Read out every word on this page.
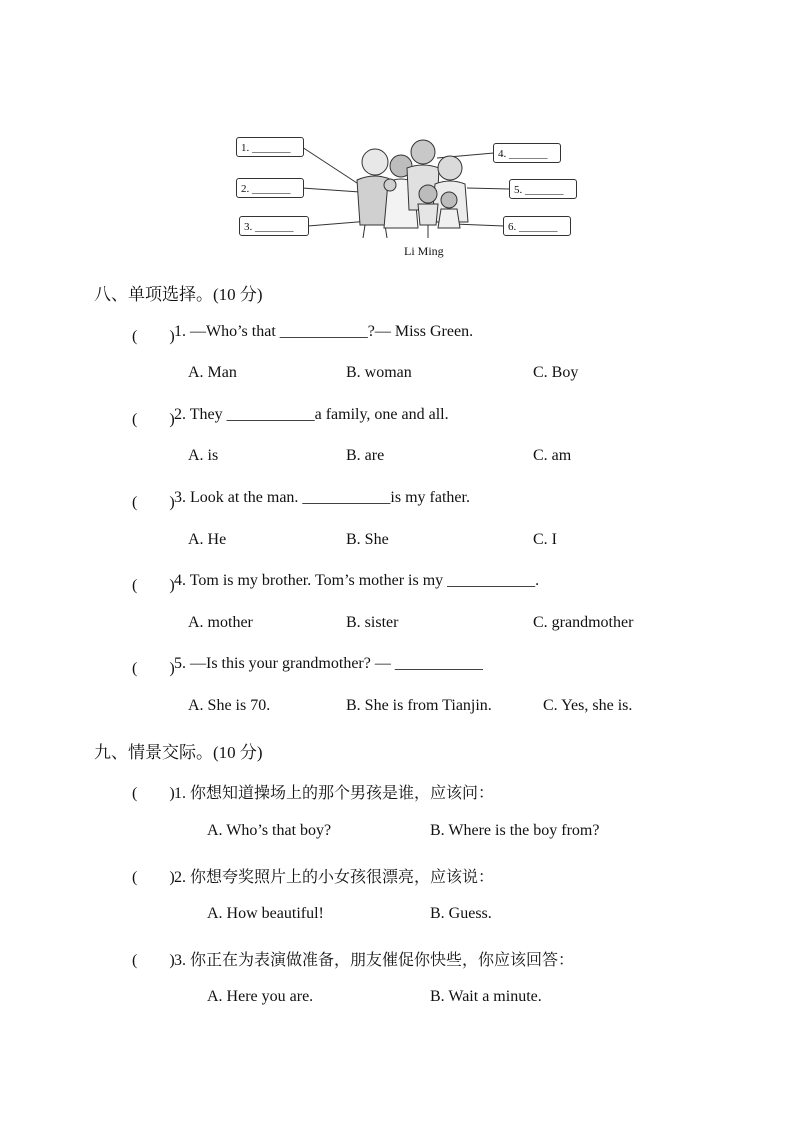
1. _______
2. _______
3. _______
4. _______
5. _______
6. _______
Li Ming
八、单项选择。(10 分)
(　　) 1. —Who’s that ___________?— Miss Green.
A. Man	B. woman	C. Boy
(　　) 2. They ___________a family, one and all.
A. is	B. are	C. am
(　　) 3. Look at the man. ___________is my father.
A. He	B. She	C. I
(　　) 4. Tom is my brother. Tom’s mother is my ___________.
A. mother	B. sister	C. grandmother
(　　) 5. —Is this your grandmother? — ___________
A. She is 70.	B. She is from Tianjin.	C. Yes, she is.
九、情景交际。(10 分)
(　　) 1. 你想知道操场上的那个男孩是谁，应该问：
A. Who’s that boy?	B. Where is the boy from?
(　　) 2. 你想夸奖照片上的小女孩很漂亮，应该说：
A. How beautiful!	B. Guess.
(　　) 3. 你正在为表演做准备，朋友催促你快些，你应该回答：
A. Here you are.	B. Wait a minute.
